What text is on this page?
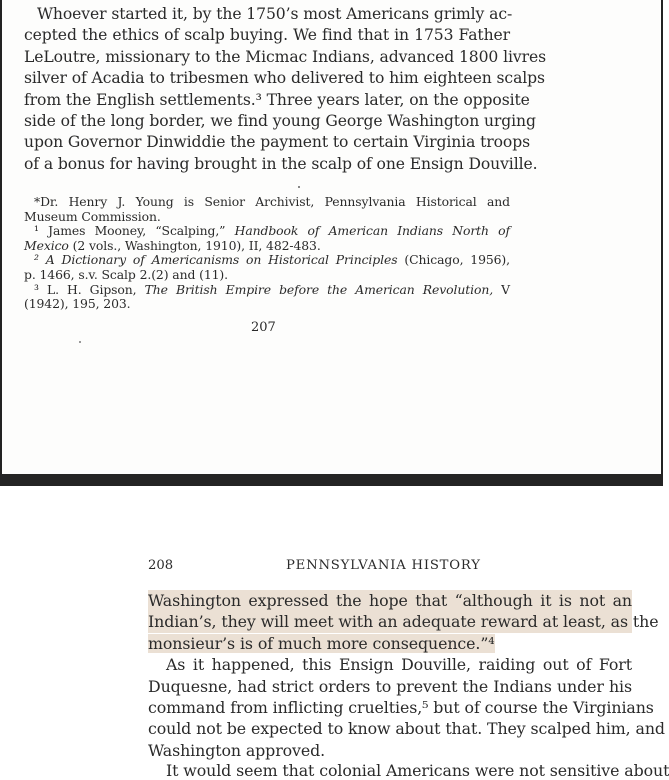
Whoever started it, by the 1750’s most Americans grimly ac-
cepted the ethics of scalp buying. We find that in 1753 Father
LeLoutre, missionary to the Micmac Indians, advanced 1800 livres
silver of Acadia to tribesmen who delivered to him eighteen scalps
from the English settlements.³ Three years later, on the opposite
side of the long border, we find young George Washington urging
upon Governor Dinwiddie the payment to certain Virginia troops
of a bonus for having brought in the scalp of one Ensign Douville.
*Dr. Henry J. Young is Senior Archivist, Pennsylvania Historical and
Museum Commission.
¹ James Mooney, “Scalping,” Handbook of American Indians North of
Mexico (2 vols., Washington, 1910), II, 482-483.
² A Dictionary of Americanisms on Historical Principles (Chicago, 1956),
p. 1466, s.v. Scalp 2.(2) and (11).
³ L. H. Gipson, The British Empire before the American Revolution, V
(1942), 195, 203.
207
208	PENNSYLVANIA HISTORY
Washington expressed the hope that “although it is not an
Indian’s, they will meet with an adequate reward at least, as the
monsieur’s is of much more consequence.”⁴
As it happened, this Ensign Douville, raiding out of Fort
Duquesne, had strict orders to prevent the Indians under his
command from inflicting cruelties,⁵ but of course the Virginians
could not be expected to know about that. They scalped him, and
Washington approved.
It would seem that colonial Americans were not sensitive about
